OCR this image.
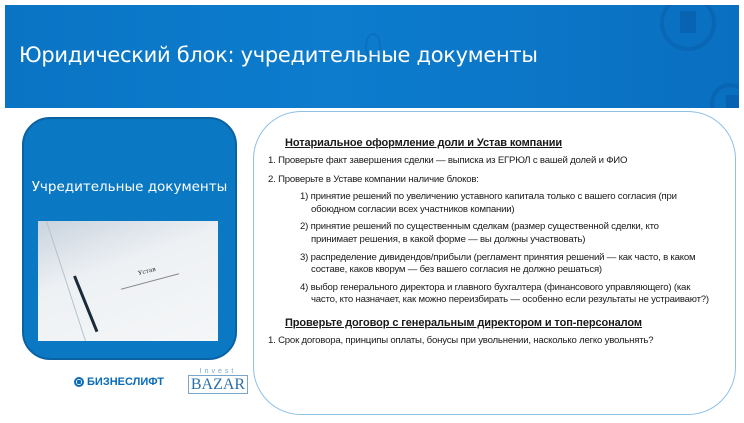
Юридический блок: учредительные документы
Учредительные документы
Устав
Нотариальное оформление доли и Устав компании
1. Проверьте факт завершения сделки — выписка из ЕГРЮЛ с вашей долей и ФИО
2. Проверьте в Уставе компании наличие блоков:
1) принятие решений по увеличению уставного капитала только с вашего согласия (при обоюдном согласии всех участников компании)
2) принятие решений по существенным сделкам (размер существенной сделки, кто принимает решения, в какой форме — вы должны участвовать)
3) распределение дивидендов/прибыли (регламент принятия решений — как часто, в каком составе, каков кворум — без вашего согласия не должно решаться)
4) выбор генерального директора и главного бухгалтера (финансового управляющего) (как часто, кто назначает, как можно переизбирать — особенно если результаты не устраивают?)
Проверьте договор с генеральным директором и топ-персоналом
1. Срок договора, принципы оплаты, бонусы при увольнении, насколько легко увольнять?
БИЗНЕСЛИФТ
Invest
BAZAR
